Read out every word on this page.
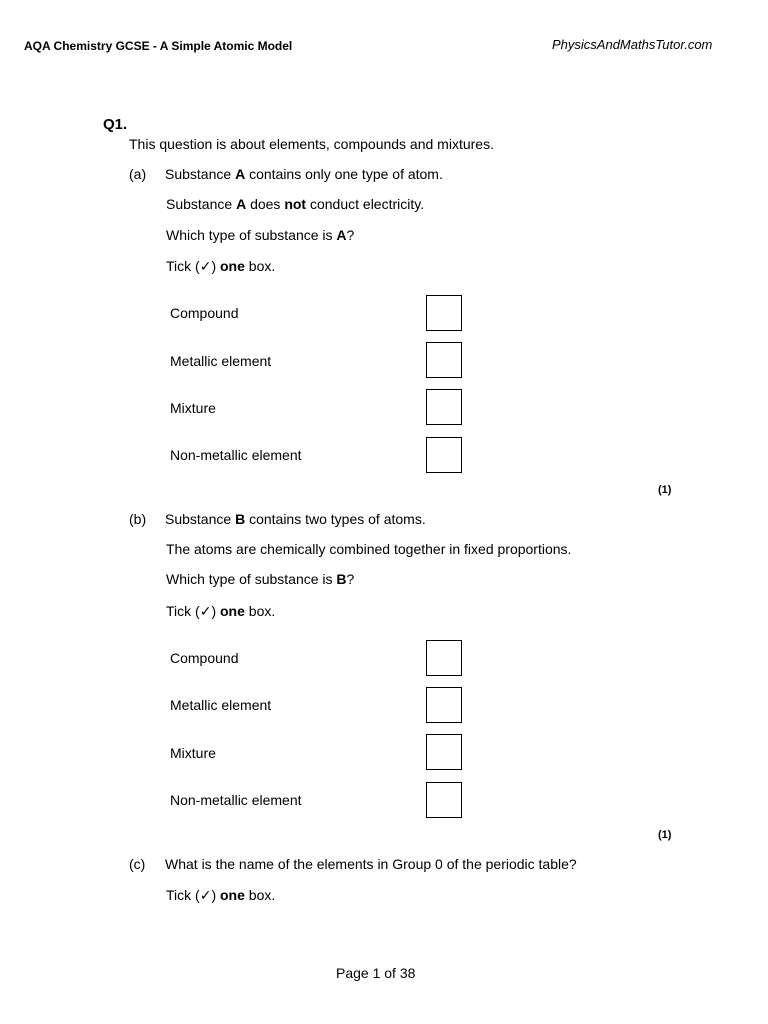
AQA Chemistry GCSE - A Simple Atomic Model	PhysicsAndMathsTutor.com
Q1.
This question is about elements, compounds and mixtures.
(a) Substance A contains only one type of atom.
Substance A does not conduct electricity.
Which type of substance is A?
Tick (✓) one box.
Compound
Metallic element
Mixture
Non-metallic element
(1)
(b) Substance B contains two types of atoms.
The atoms are chemically combined together in fixed proportions.
Which type of substance is B?
Tick (✓) one box.
Compound
Metallic element
Mixture
Non-metallic element
(1)
(c) What is the name of the elements in Group 0 of the periodic table?
Tick (✓) one box.
Page 1 of 38
